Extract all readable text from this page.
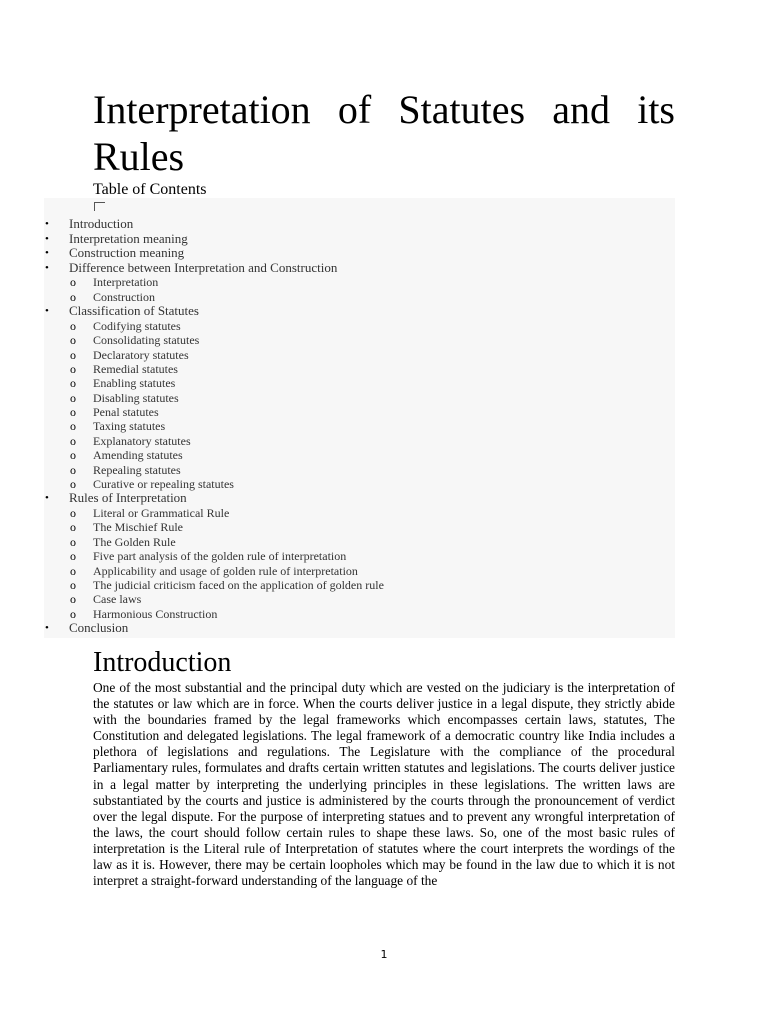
Interpretation of Statutes and its Rules
Table of Contents
• Introduction
• Interpretation meaning
• Construction meaning
• Difference between Interpretation and Construction
o Interpretation
o Construction
• Classification of Statutes
o Codifying statutes
o Consolidating statutes
o Declaratory statutes
o Remedial statutes
o Enabling statutes
o Disabling statutes
o Penal statutes
o Taxing statutes
o Explanatory statutes
o Amending statutes
o Repealing statutes
o Curative or repealing statutes
• Rules of Interpretation
o Literal or Grammatical Rule
o The Mischief Rule
o The Golden Rule
o Five part analysis of the golden rule of interpretation
o Applicability and usage of golden rule of interpretation
o The judicial criticism faced on the application of golden rule
o Case laws
o Harmonious Construction
• Conclusion
Introduction

One of the most substantial and the principal duty which are vested on the judiciary is the interpretation of the statutes or law which are in force. When the courts deliver justice in a legal dispute, they strictly abide with the boundaries framed by the legal frameworks which encompasses certain laws, statutes, The Constitution and delegated legislations. The legal framework of a democratic country like India includes a plethora of legislations and regulations. The Legislature with the compliance of the procedural Parliamentary rules, formulates and drafts certain written statutes and legislations. The courts deliver justice in a legal matter by interpreting the underlying principles in these legislations. The written laws are substantiated by the courts and justice is administered by the courts through the pronouncement of verdict over the legal dispute. For the purpose of interpreting statues and to prevent any wrongful interpretation of the laws, the court should follow certain rules to shape these laws. So, one of the most basic rules of interpretation is the Literal rule of Interpretation of statutes where the court interprets the wordings of the law as it is. However, there may be certain loopholes which may be found in the law due to which it is not interpret a straight-forward understanding of the language of the

1
